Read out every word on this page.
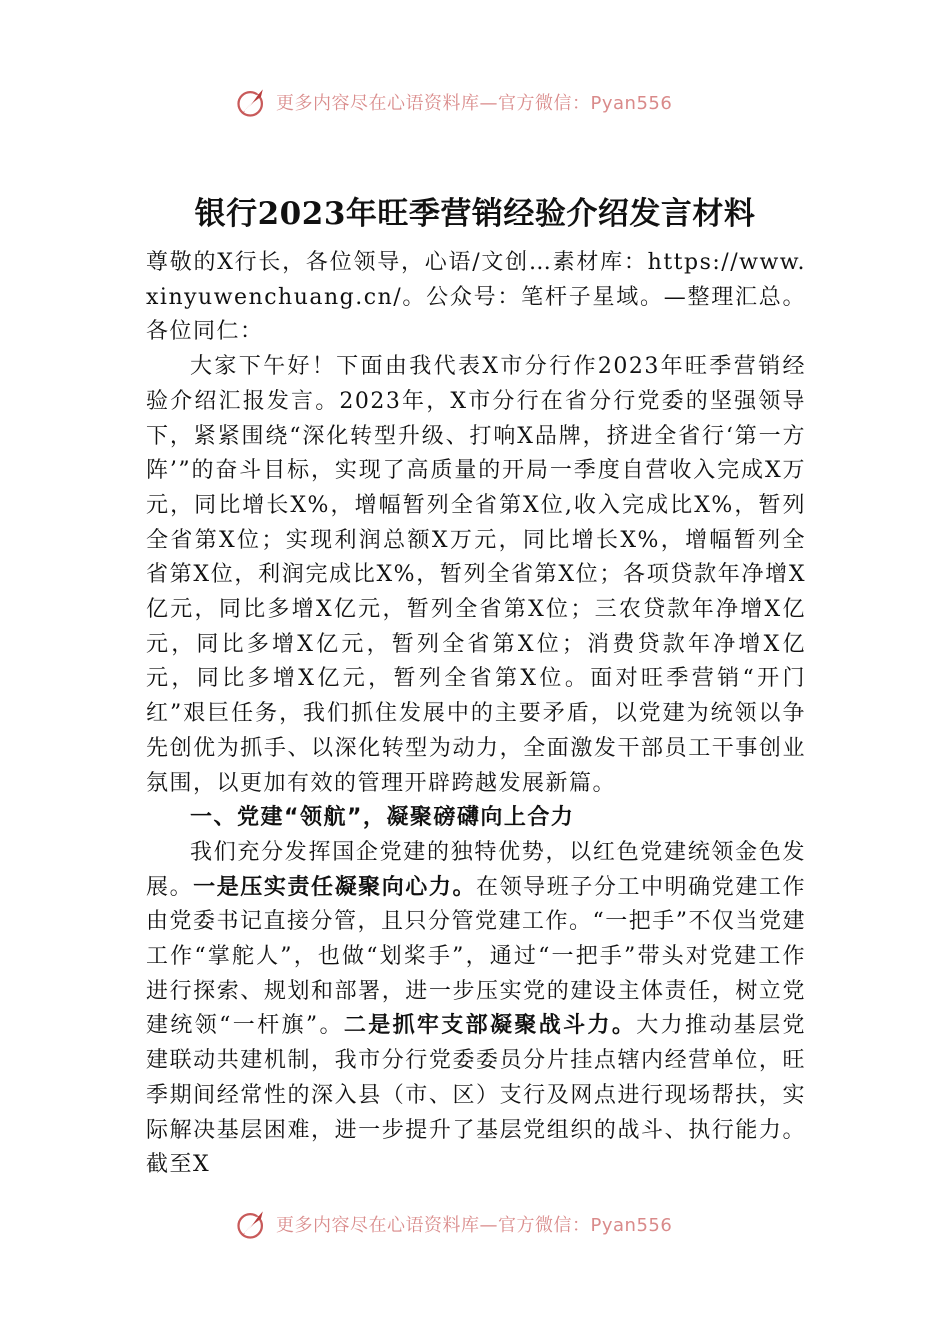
更多内容尽在心语资料库—官方微信：Pyan556
银行2023年旺季营销经验介绍发言材料

尊敬的X行长，各位领导，心语/文创…素材库：https://www.xinyuwenchuang.cn/。公众号：笔杆子星域。—整理汇总。各位同仁：

大家下午好！下面由我代表X市分行作2023年旺季营销经验介绍汇报发言。2023年，X市分行在省分行党委的坚强领导下，紧紧围绕“深化转型升级、打响X品牌，挤进全省行‘第一方阵’”的奋斗目标，实现了高质量的开局一季度自营收入完成X万元，同比增长X%，增幅暂列全省第X位,收入完成比X%，暂列全省第X位；实现利润总额X万元，同比增长X%，增幅暂列全省第X位，利润完成比X%，暂列全省第X位；各项贷款年净增X亿元，同比多增X亿元，暂列全省第X位；三农贷款年净增X亿元，同比多增X亿元，暂列全省第X位；消费贷款年净增X亿元，同比多增X亿元，暂列全省第X位。面对旺季营销“开门红”艰巨任务，我们抓住发展中的主要矛盾，以党建为统领以争先创优为抓手、以深化转型为动力，全面激发干部员工干事创业氛围，以更加有效的管理开辟跨越发展新篇。

一、党建“领航”，凝聚磅礴向上合力

我们充分发挥国企党建的独特优势，以红色党建统领金色发展。一是压实责任凝聚向心力。在领导班子分工中明确党建工作由党委书记直接分管，且只分管党建工作。“一把手”不仅当党建工作“掌舵人”，也做“划桨手”，通过“一把手”带头对党建工作进行探索、规划和部署，进一步压实党的建设主体责任，树立党建统领“一杆旗”。二是抓牢支部凝聚战斗力。大力推动基层党建联动共建机制，我市分行党委委员分片挂点辖内经营单位，旺季期间经常性的深入县（市、区）支行及网点进行现场帮扶，实际解决基层困难，进一步提升了基层党组织的战斗、执行能力。截至X

更多内容尽在心语资料库—官方微信：Pyan556
